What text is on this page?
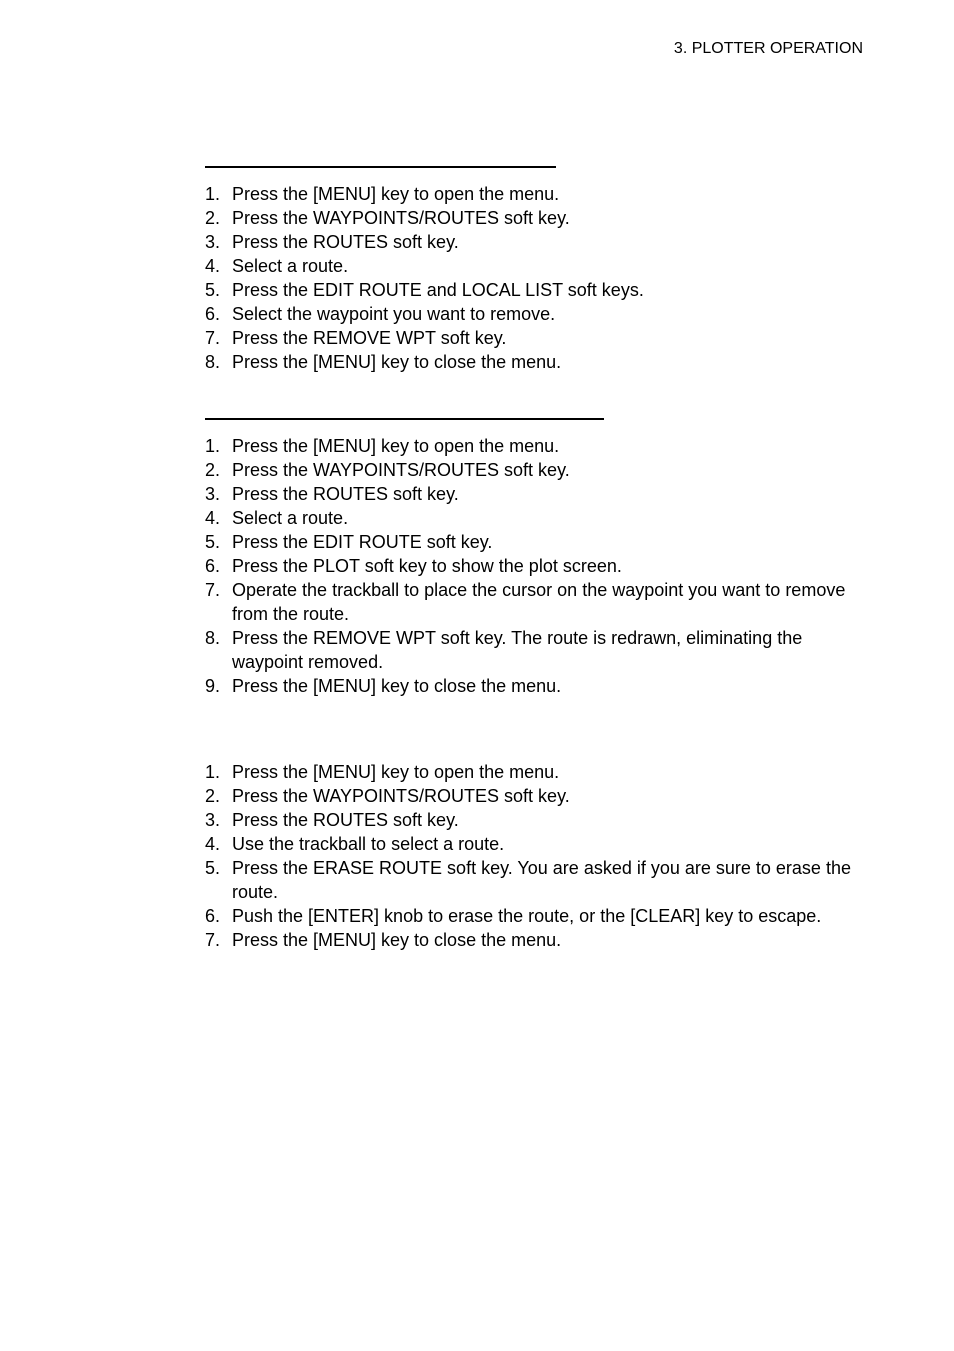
3. PLOTTER OPERATION
1. Press the [MENU] key to open the menu.
2. Press the WAYPOINTS/ROUTES soft key.
3. Press the ROUTES soft key.
4. Select a route.
5. Press the EDIT ROUTE and LOCAL LIST soft keys.
6. Select the waypoint you want to remove.
7. Press the REMOVE WPT soft key.
8. Press the [MENU] key to close the menu.
1. Press the [MENU] key to open the menu.
2. Press the WAYPOINTS/ROUTES soft key.
3. Press the ROUTES soft key.
4. Select a route.
5. Press the EDIT ROUTE soft key.
6. Press the PLOT soft key to show the plot screen.
7. Operate the trackball to place the cursor on the waypoint you want to remove from the route.
8. Press the REMOVE WPT soft key. The route is redrawn, eliminating the waypoint removed.
9. Press the [MENU] key to close the menu.
1. Press the [MENU] key to open the menu.
2. Press the WAYPOINTS/ROUTES soft key.
3. Press the ROUTES soft key.
4. Use the trackball to select a route.
5. Press the ERASE ROUTE soft key. You are asked if you are sure to erase the route.
6. Push the [ENTER] knob to erase the route, or the [CLEAR] key to escape.
7. Press the [MENU] key to close the menu.
